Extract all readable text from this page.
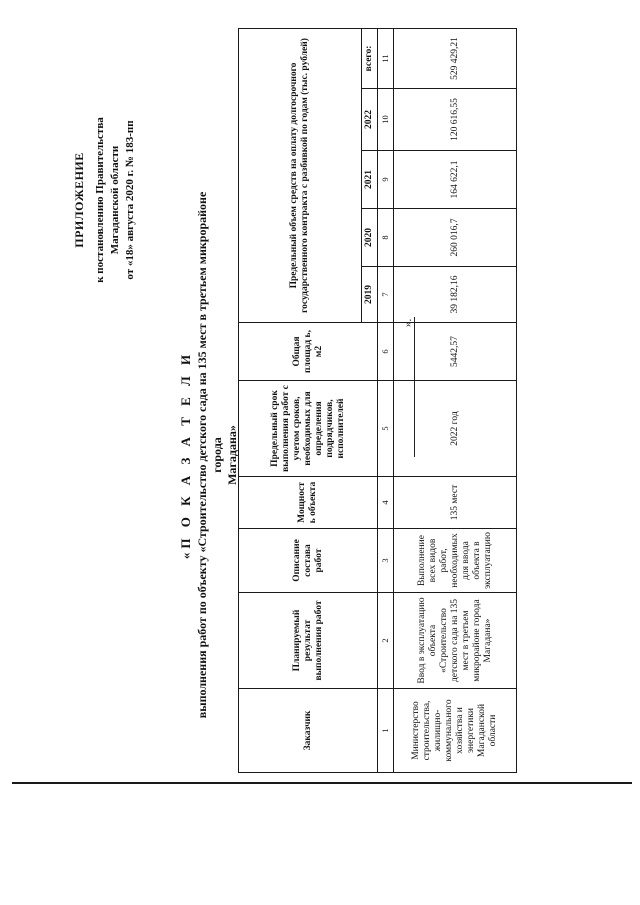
ПРИЛОЖЕНИЕ к постановлению Правительства Магаданской области от «18» августа 2020 г. № 183-пп
«П О К А З А Т Е Л И выполнения работ по объекту «Строительство детского сада на 135 мест в третьем микрорайоне города Магадана»
Заказчик	Планируемый результат выполнения работ	Описание состава работ	Мощност ь объекта	Предельный срок выполнения работ с учетом сроков, необходимых для определения подрядчиков, исполнителей	Общая площад ь, м2	Предельный объем средств на оплату долгосрочного государственного контракта с разбивкой по годам (тыс. рублей)				
						2019	2020	2021	2022	всего:
1	2	3	4	5	6	7	8	9	10	11
Министерство строительства, жилищно-коммунального хозяйства и энергетики Магаданской области	Ввод в эксплуатацию объекта «Строительство детского сада на 135 мест в третьем микрорайоне города Магадана»	Выполнение всех видов работ, необходимых для ввода объекта в эксплуатацию	135 мест	2022 год	5442,57	39 182,16	260 016,7	164 622,1	120 616,55	529 429,21
».
